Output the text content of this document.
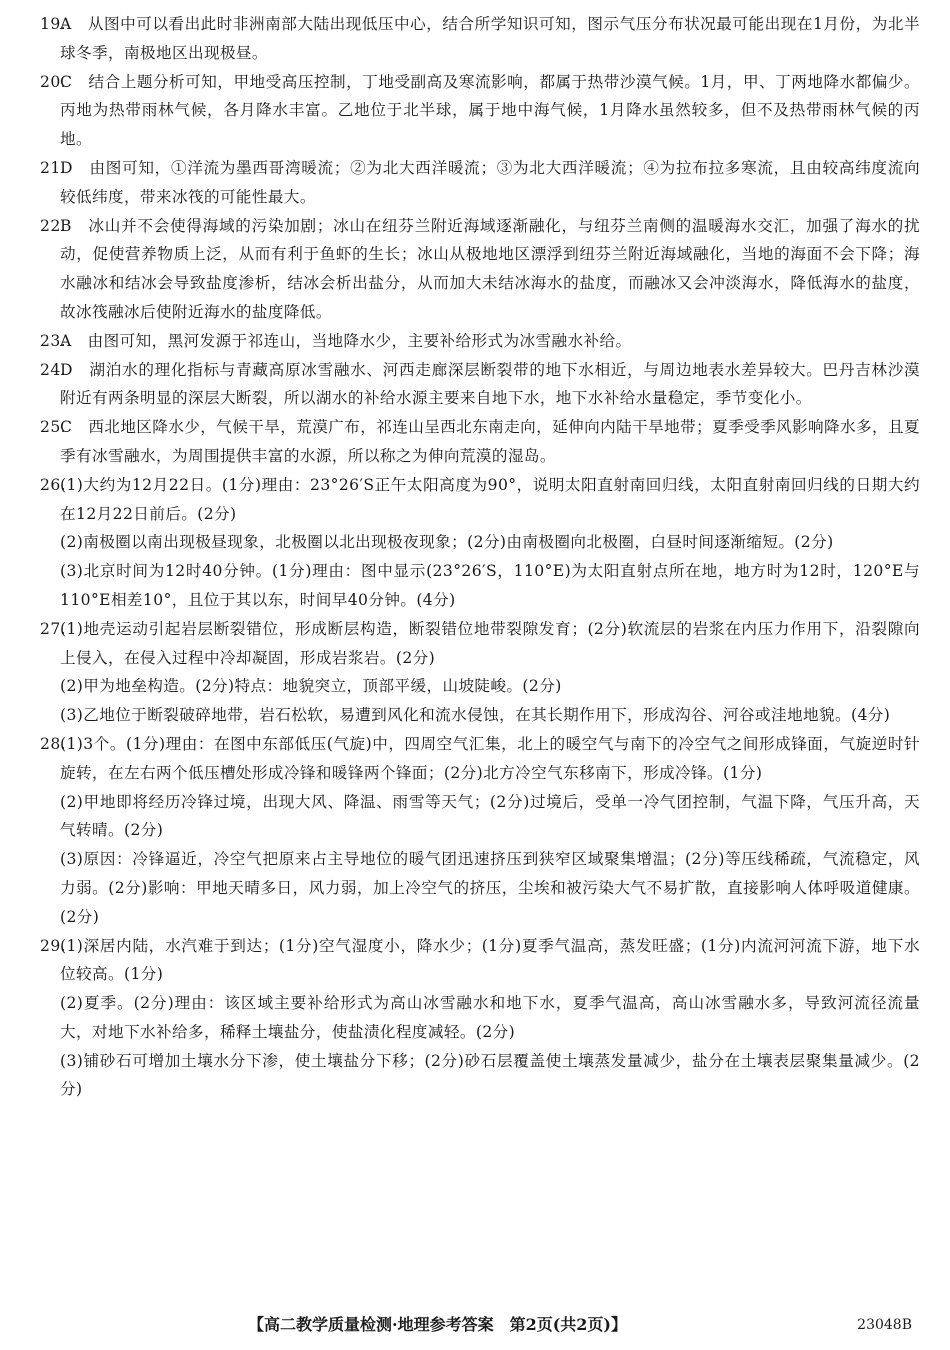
19.

A　从图中可以看出此时非洲南部大陆出现低压中心，结合所学知识可知，图示气压分布状况最可能出现在1月份，为北半球冬季，南极地区出现极昼。

20.

C　结合上题分析可知，甲地受高压控制，丁地受副高及寒流影响，都属于热带沙漠气候。1月，甲、丁两地降水都偏少。丙地为热带雨林气候，各月降水丰富。乙地位于北半球，属于地中海气候，1月降水虽然较多，但不及热带雨林气候的丙地。

21.

D　由图可知，①洋流为墨西哥湾暖流；②为北大西洋暖流；③为北大西洋暖流；④为拉布拉多寒流，且由较高纬度流向较低纬度，带来冰筏的可能性最大。

22.

B　冰山并不会使得海域的污染加剧；冰山在纽芬兰附近海域逐渐融化，与纽芬兰南侧的温暖海水交汇，加强了海水的扰动，促使营养物质上泛，从而有利于鱼虾的生长；冰山从极地地区漂浮到纽芬兰附近海域融化，当地的海面不会下降；海水融冰和结冰会导致盐度渗析，结冰会析出盐分，从而加大未结冰海水的盐度，而融冰又会冲淡海水，降低海水的盐度，故冰筏融冰后使附近海水的盐度降低。

23.

A　由图可知，黑河发源于祁连山，当地降水少，主要补给形式为冰雪融水补给。

24.

D　湖泊水的理化指标与青藏高原冰雪融水、河西走廊深层断裂带的地下水相近，与周边地表水差异较大。巴丹吉林沙漠附近有两条明显的深层大断裂，所以湖水的补给水源主要来自地下水，地下水补给水量稳定，季节变化小。

25.

C　西北地区降水少，气候干旱，荒漠广布，祁连山呈西北东南走向，延伸向内陆干旱地带；夏季受季风影响降水多，且夏季有冰雪融水，为周围提供丰富的水源，所以称之为伸向荒漠的湿岛。

26.

(1)大约为12月22日。(1分)理由：23°26′S正午太阳高度为90°，说明太阳直射南回归线，太阳直射南回归线的日期大约在12月22日前后。(2分)

(2)南极圈以南出现极昼现象，北极圈以北出现极夜现象；(2分)由南极圈向北极圈，白昼时间逐渐缩短。(2分)

(3)北京时间为12时40分钟。(1分)理由：图中显示(23°26′S，110°E)为太阳直射点所在地，地方时为12时，120°E与110°E相差10°，且位于其以东，时间早40分钟。(4分)

27.

(1)地壳运动引起岩层断裂错位，形成断层构造，断裂错位地带裂隙发育；(2分)软流层的岩浆在内压力作用下，沿裂隙向上侵入，在侵入过程中冷却凝固，形成岩浆岩。(2分)

(2)甲为地垒构造。(2分)特点：地貌突立，顶部平缓，山坡陡峻。(2分)

(3)乙地位于断裂破碎地带，岩石松软，易遭到风化和流水侵蚀，在其长期作用下，形成沟谷、河谷或洼地地貌。(4分)

28.

(1)3个。(1分)理由：在图中东部低压(气旋)中，四周空气汇集，北上的暖空气与南下的冷空气之间形成锋面，气旋逆时针旋转，在左右两个低压槽处形成冷锋和暖锋两个锋面；(2分)北方冷空气东移南下，形成冷锋。(1分)

(2)甲地即将经历冷锋过境，出现大风、降温、雨雪等天气；(2分)过境后，受单一冷气团控制，气温下降，气压升高，天气转晴。(2分)

(3)原因：冷锋逼近，冷空气把原来占主导地位的暖气团迅速挤压到狭窄区域聚集增温；(2分)等压线稀疏，气流稳定，风力弱。(2分)影响：甲地天晴多日，风力弱，加上冷空气的挤压，尘埃和被污染大气不易扩散，直接影响人体呼吸道健康。(2分)

29.

(1)深居内陆，水汽难于到达；(1分)空气湿度小，降水少；(1分)夏季气温高，蒸发旺盛；(1分)内流河河流下游，地下水位较高。(1分)

(2)夏季。(2分)理由：该区域主要补给形式为高山冰雪融水和地下水，夏季气温高，高山冰雪融水多，导致河流径流量大，对地下水补给多，稀释土壤盐分，使盐渍化程度减轻。(2分)

(3)铺砂石可增加土壤水分下渗，使土壤盐分下移；(2分)砂石层覆盖使土壤蒸发量减少，盐分在土壤表层聚集量减少。(2分)

【高二教学质量检测·地理参考答案　第2页(共2页)】	23048B
